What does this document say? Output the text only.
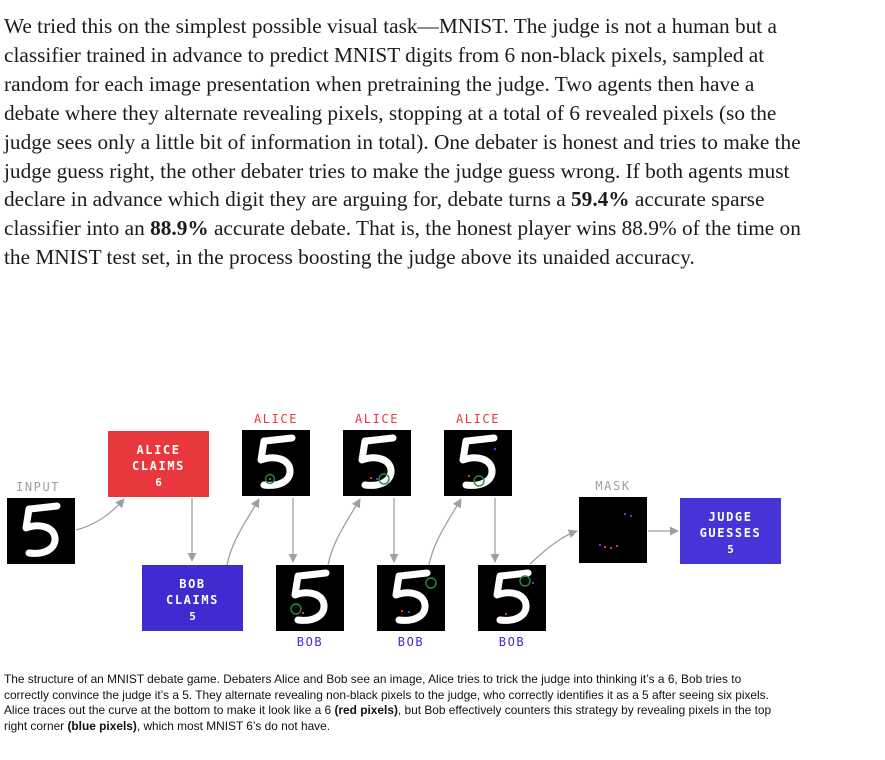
We tried this on the simplest possible visual task—MNIST. The judge is not a human but a classifier trained in advance to predict MNIST digits from 6 non-black pixels, sampled at random for each image presentation when pretraining the judge. Two agents then have a debate where they alternate revealing pixels, stopping at a total of 6 revealed pixels (so the judge sees only a little bit of information in total). One debater is honest and tries to make the judge guess right, the other debater tries to make the judge guess wrong. If both agents must declare in advance which digit they are arguing for, debate turns a 59.4% accurate sparse classifier into an 88.9% accurate debate. That is, the honest player wins 88.9% of the time on the MNIST test set, in the process boosting the judge above its unaided accuracy.
INPUT
ALICE
CLAIMS
6
BOB
CLAIMS
5
ALICE	ALICE	ALICE
BOB	BOB	BOB
MASK
JUDGE
GUESSES
5
The structure of an MNIST debate game. Debaters Alice and Bob see an image, Alice tries to trick the judge into thinking it’s a 6, Bob tries to correctly convince the judge it’s a 5. They alternate revealing non-black pixels to the judge, who correctly identifies it as a 5 after seeing six pixels. Alice traces out the curve at the bottom to make it look like a 6 (red pixels), but Bob effectively counters this strategy by revealing pixels in the top right corner (blue pixels), which most MNIST 6’s do not have.
